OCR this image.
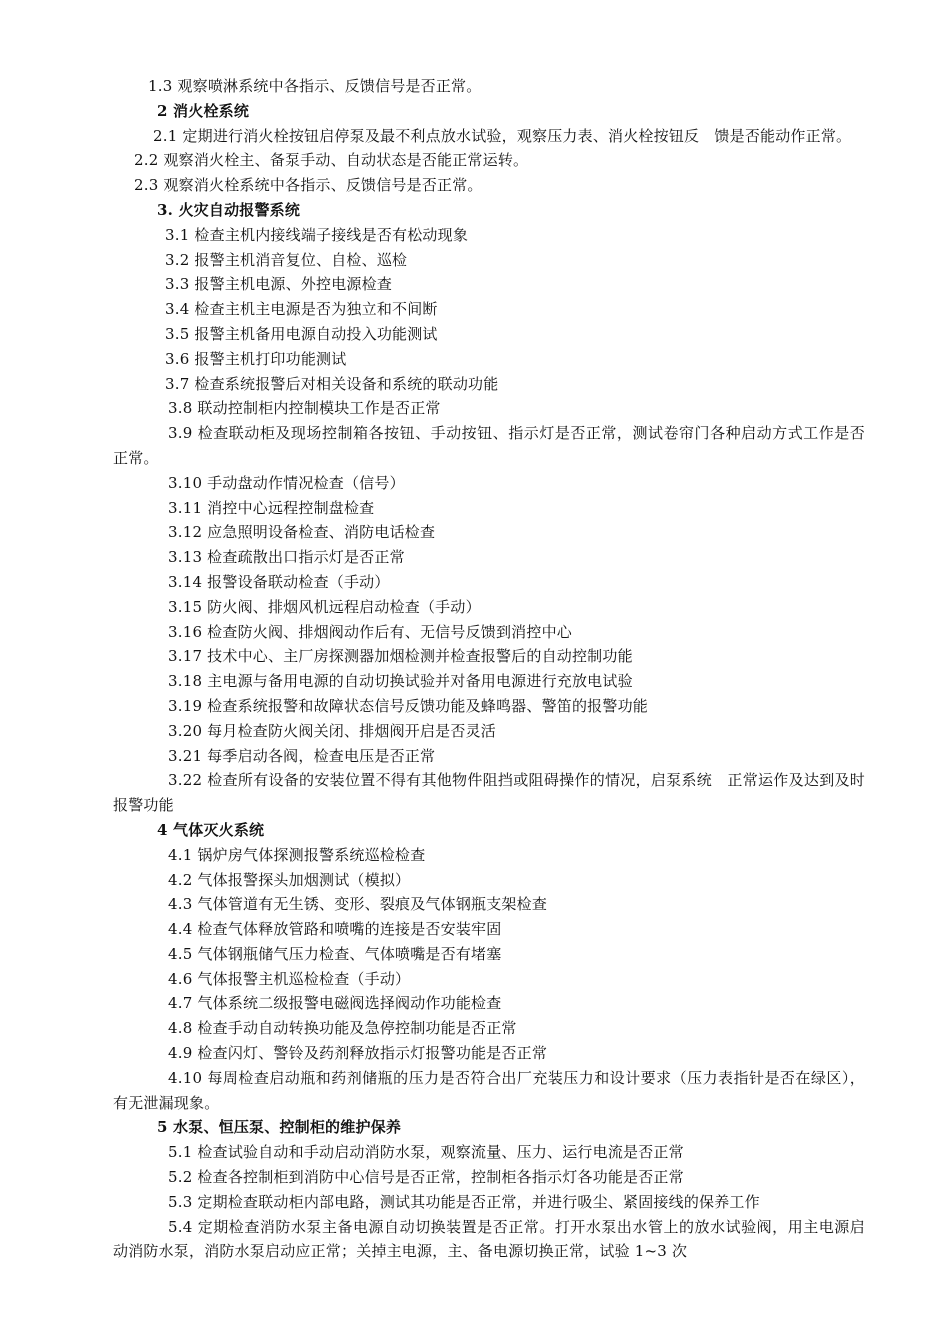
1.3 观察喷淋系统中各指示、反馈信号是否正常。
2 消火栓系统
2.1 定期进行消火栓按钮启停泵及最不利点放水试验，观察压力表、消火栓按钮反　馈是否能动作正常。
2.2 观察消火栓主、备泵手动、自动状态是否能正常运转。
2.3 观察消火栓系统中各指示、反馈信号是否正常。
3. 火灾自动报警系统
3.1 检查主机内接线端子接线是否有松动现象
3.2 报警主机消音复位、自检、巡检
3.3 报警主机电源、外控电源检查
3.4 检查主机主电源是否为独立和不间断
3.5 报警主机备用电源自动投入功能测试
3.6 报警主机打印功能测试
3.7 检查系统报警后对相关设备和系统的联动功能
3.8 联动控制柜内控制模块工作是否正常
3.9 检查联动柜及现场控制箱各按钮、手动按钮、指示灯是否正常，测试卷帘门各种启动方式工作是否正常。
3.10 手动盘动作情况检查（信号）
3.11 消控中心远程控制盘检查
3.12 应急照明设备检查、消防电话检查
3.13 检查疏散出口指示灯是否正常
3.14 报警设备联动检查（手动）
3.15 防火阀、排烟风机远程启动检查（手动）
3.16 检查防火阀、排烟阀动作后有、无信号反馈到消控中心
3.17 技术中心、主厂房探测器加烟检测并检查报警后的自动控制功能
3.18 主电源与备用电源的自动切换试验并对备用电源进行充放电试验
3.19 检查系统报警和故障状态信号反馈功能及蜂鸣器、警笛的报警功能
3.20 每月检查防火阀关闭、排烟阀开启是否灵活
3.21 每季启动各阀，检查电压是否正常
3.22 检查所有设备的安装位置不得有其他物件阻挡或阻碍操作的情况，启泵系统　正常运作及达到及时报警功能
4 气体灭火系统
4.1 锅炉房气体探测报警系统巡检检查
4.2 气体报警探头加烟测试（模拟）
4.3 气体管道有无生锈、变形、裂痕及气体钢瓶支架检查
4.4 检查气体释放管路和喷嘴的连接是否安装牢固
4.5 气体钢瓶储气压力检查、气体喷嘴是否有堵塞
4.6 气体报警主机巡检检查（手动）
4.7 气体系统二级报警电磁阀选择阀动作功能检查
4.8 检查手动自动转换功能及急停控制功能是否正常
4.9 检查闪灯、警铃及药剂释放指示灯报警功能是否正常
4.10 每周检查启动瓶和药剂储瓶的压力是否符合出厂充装压力和设计要求（压力表指针是否在绿区），有无泄漏现象。
5 水泵、恒压泵、控制柜的维护保养
5.1 检查试验自动和手动启动消防水泵，观察流量、压力、运行电流是否正常
5.2 检查各控制柜到消防中心信号是否正常，控制柜各指示灯各功能是否正常
5.3 定期检查联动柜内部电路，测试其功能是否正常，并进行吸尘、紧固接线的保养工作
5.4 定期检查消防水泵主备电源自动切换装置是否正常。打开水泵出水管上的放水试验阀，用主电源启动消防水泵，消防水泵启动应正常；关掉主电源，主、备电源切换正常，试验 1~3 次
